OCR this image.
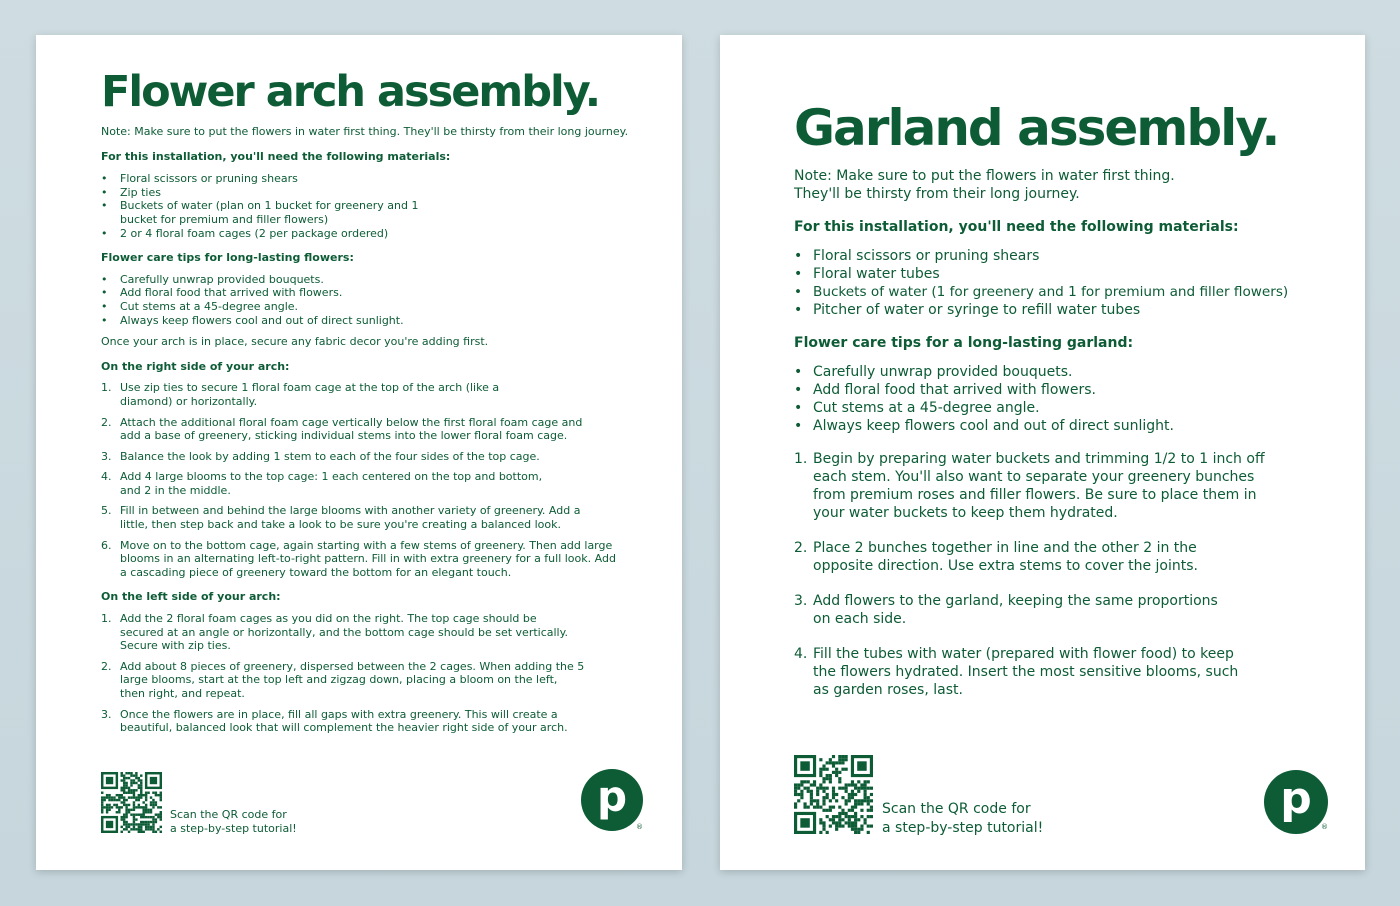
Flower arch assembly.

Note: Make sure to put the flowers in water first thing. They'll be thirsty from their long journey.

For this installation, you'll need the following materials:

• Floral scissors or pruning shears
• Zip ties
• Buckets of water (plan on 1 bucket for greenery and 1 bucket for premium and filler flowers)
• 2 or 4 floral foam cages (2 per package ordered)

Flower care tips for long-lasting flowers:

• Carefully unwrap provided bouquets.
• Add floral food that arrived with flowers.
• Cut stems at a 45-degree angle.
• Always keep flowers cool and out of direct sunlight.

Once your arch is in place, secure any fabric decor you're adding first.

On the right side of your arch:

1. Use zip ties to secure 1 floral foam cage at the top of the arch (like a diamond) or horizontally.
2. Attach the additional floral foam cage vertically below the first floral foam cage and add a base of greenery, sticking individual stems into the lower floral foam cage.
3. Balance the look by adding 1 stem to each of the four sides of the top cage.
4. Add 4 large blooms to the top cage: 1 each centered on the top and bottom, and 2 in the middle.
5. Fill in between and behind the large blooms with another variety of greenery. Add a little, then step back and take a look to be sure you're creating a balanced look.
6. Move on to the bottom cage, again starting with a few stems of greenery. Then add large blooms in an alternating left-to-right pattern. Fill in with extra greenery for a full look. Add a cascading piece of greenery toward the bottom for an elegant touch.

On the left side of your arch:

1. Add the 2 floral foam cages as you did on the right. The top cage should be secured at an angle or horizontally, and the bottom cage should be set vertically. Secure with zip ties.
2. Add about 8 pieces of greenery, dispersed between the 2 cages. When adding the 5 large blooms, start at the top left and zigzag down, placing a bloom on the left, then right, and repeat.
3. Once the flowers are in place, fill all gaps with extra greenery. This will create a beautiful, balanced look that will complement the heavier right side of your arch.
Scan the QR code for
a step-by-step tutorial!
p
®
Garland assembly.
Note: Make sure to put the flowers in water first thing.
They'll be thirsty from their long journey.

For this installation, you'll need the following materials:

• Floral scissors or pruning shears
• Floral water tubes
• Buckets of water (1 for greenery and 1 for premium and filler flowers)
• Pitcher of water or syringe to refill water tubes

Flower care tips for a long-lasting garland:

• Carefully unwrap provided bouquets.
• Add floral food that arrived with flowers.
• Cut stems at a 45-degree angle.
• Always keep flowers cool and out of direct sunlight.
1. Begin by preparing water buckets and trimming 1/2 to 1 inch off each stem. You'll also want to separate your greenery bunches from premium roses and filler flowers. Be sure to place them in your water buckets to keep them hydrated.
2. Place 2 bunches together in line and the other 2 in the opposite direction. Use extra stems to cover the joints.
3. Add flowers to the garland, keeping the same proportions on each side.
4. Fill the tubes with water (prepared with flower food) to keep the flowers hydrated. Insert the most sensitive blooms, such as garden roses, last.
Scan the QR code for
a step-by-step tutorial!
p
®
